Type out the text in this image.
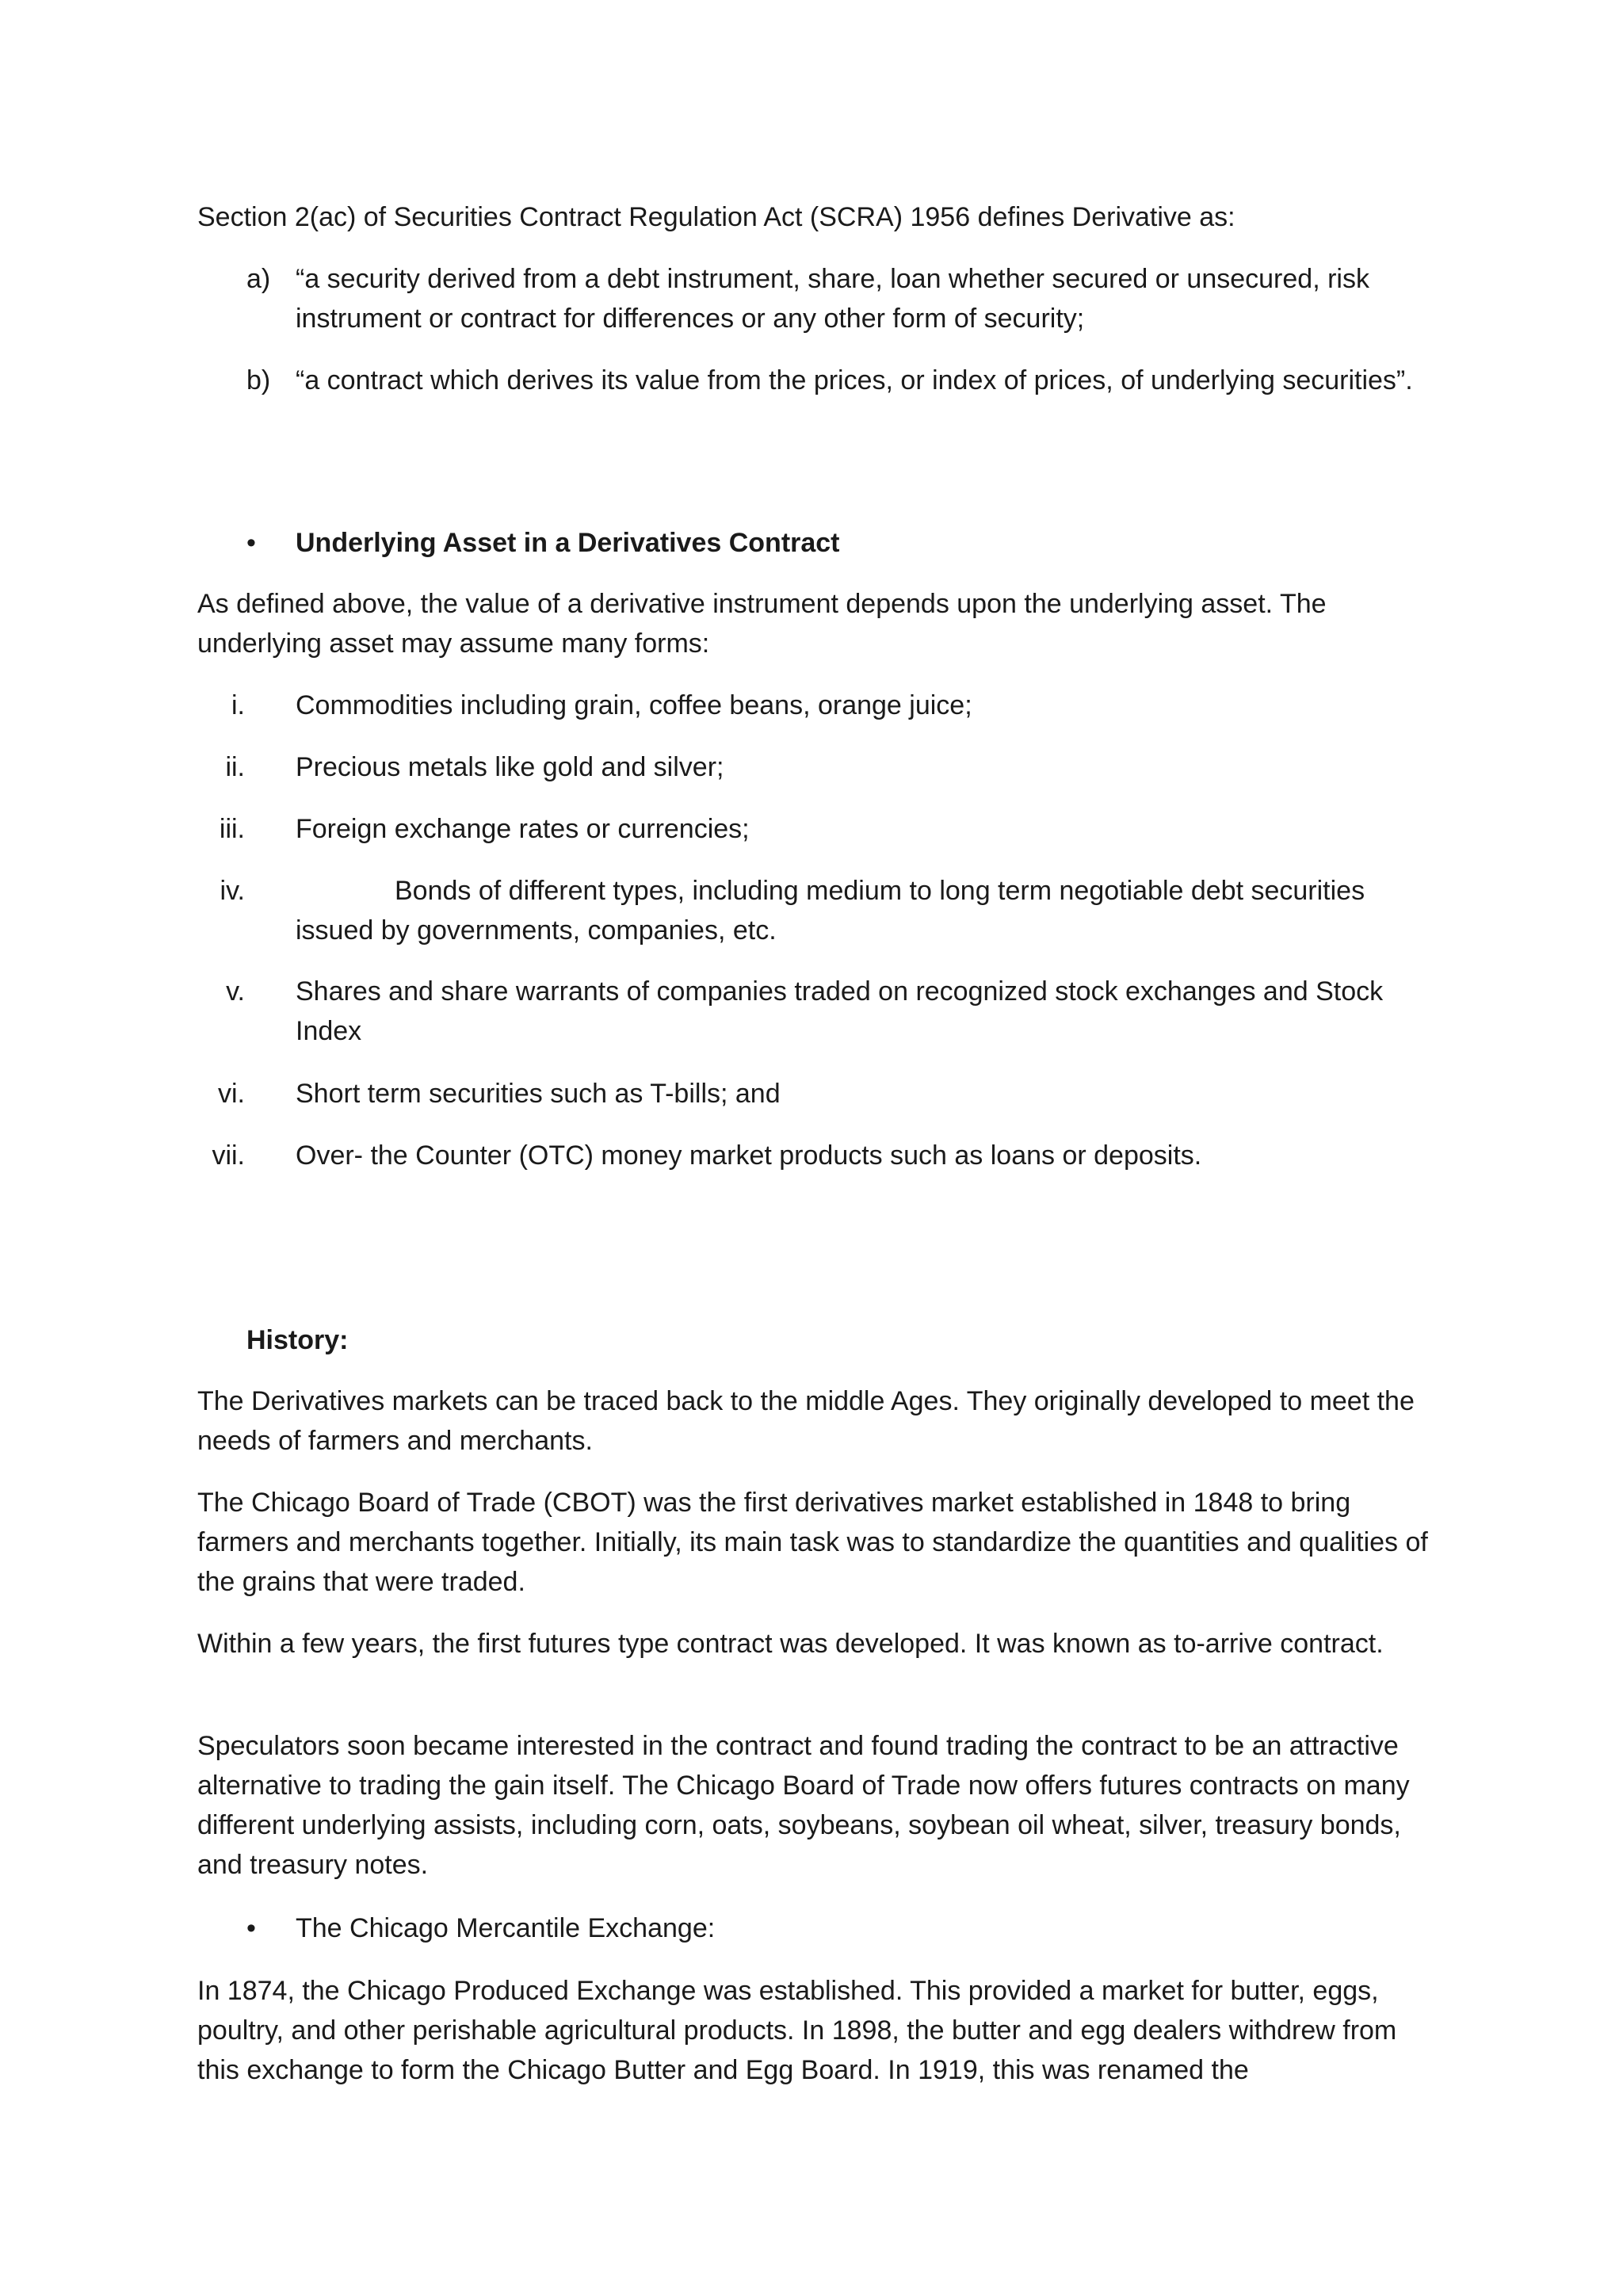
Section 2(ac) of Securities Contract Regulation Act (SCRA) 1956 defines Derivative as:

a) “a security derived from a debt instrument, share, loan whether secured or unsecured, risk instrument or contract for differences or any other form of security;
b) “a contract which derives its value from the prices, or index of prices, of underlying securities”.
• Underlying Asset in a Derivatives Contract

As defined above, the value of a derivative instrument depends upon the underlying asset. The underlying asset may assume many forms:

i. Commodities including grain, coffee beans, orange juice;
ii. Precious metals like gold and silver;
iii. Foreign exchange rates or currencies;
iv.	Bonds of different types, including medium to long term negotiable debt securities issued by governments, companies, etc.
v. Shares and share warrants of companies traded on recognized stock exchanges and Stock Index
vi. Short term securities such as T-bills; and
vii. Over- the Counter (OTC) money market products such as loans or deposits.
History:

The Derivatives markets can be traced back to the middle Ages. They originally developed to meet the needs of farmers and merchants.

The Chicago Board of Trade (CBOT) was the first derivatives market established in 1848 to bring farmers and merchants together. Initially, its main task was to standardize the quantities and qualities of the grains that were traded.

Within a few years, the first futures type contract was developed. It was known as to-arrive contract.

Speculators soon became interested in the contract and found trading the contract to be an attractive alternative to trading the gain itself. The Chicago Board of Trade now offers futures contracts on many different underlying assists, including corn, oats, soybeans, soybean oil wheat, silver, treasury bonds, and treasury notes.

• The Chicago Mercantile Exchange:

In 1874, the Chicago Produced Exchange was established. This provided a market for butter, eggs, poultry, and other perishable agricultural products. In 1898, the butter and egg dealers withdrew from this exchange to form the Chicago Butter and Egg Board. In 1919, this was renamed the
